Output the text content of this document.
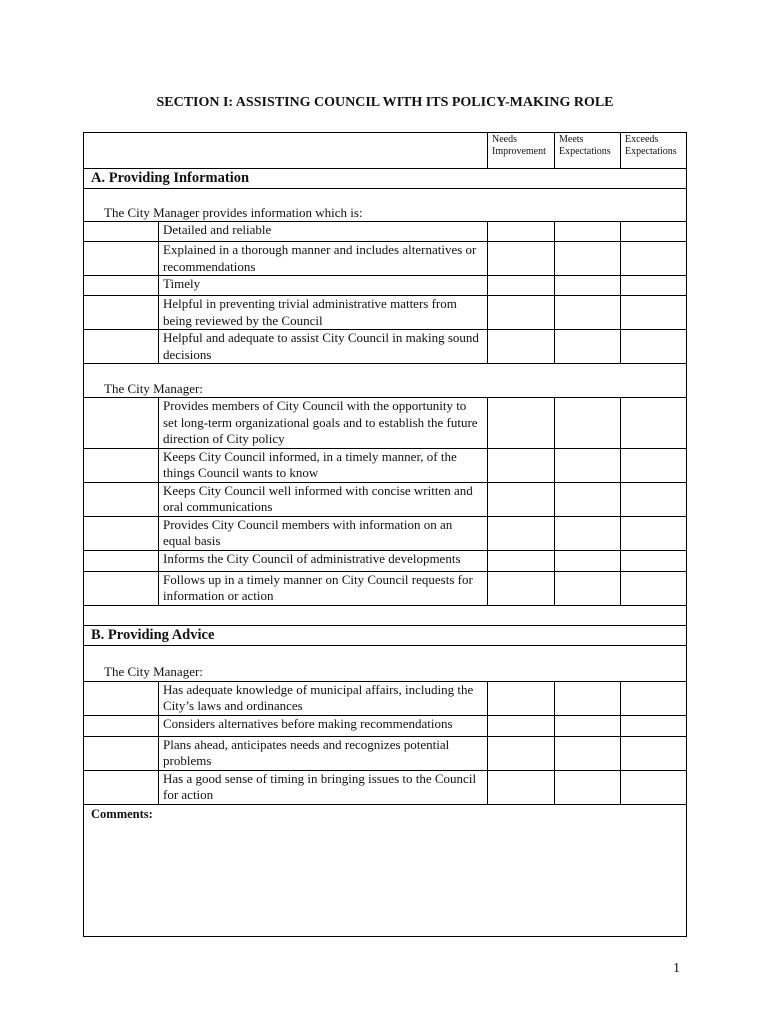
SECTION I: ASSISTING COUNCIL WITH ITS POLICY-MAKING ROLE
		Needs Improvement	Meets Expectations	Exceeds Expectations
A. Providing Information				
The City Manager provides information which is:				
	Detailed and reliable			
	Explained in a thorough manner and includes alternatives or recommendations			
	Timely			
	Helpful in preventing trivial administrative matters from being reviewed by the Council			
	Helpful and adequate to assist City Council in making sound decisions			
The City Manager:				
	Provides members of City Council with the opportunity to set long-term organizational goals and to establish the future direction of City policy			
	Keeps City Council informed, in a timely manner, of the things Council wants to know			
	Keeps City Council well informed with concise written and oral communications			
	Provides City Council members with information on an equal basis			
	Informs the City Council of administrative developments			
	Follows up in a timely manner on City Council requests for information or action			

B. Providing Advice				
The City Manager:				
	Has adequate knowledge of municipal affairs, including the City’s laws and ordinances			
	Considers alternatives before making recommendations			
	Plans ahead, anticipates needs and recognizes potential problems			
	Has a good sense of timing in bringing issues to the Council for action			
Comments:				
1
